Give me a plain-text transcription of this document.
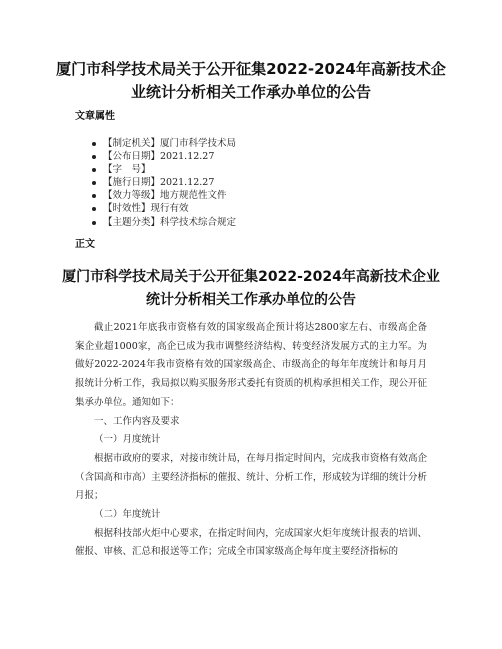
厦门市科学技术局关于公开征集2022-2024年高新技术企业统计分析相关工作承办单位的公告
文章属性
【制定机关】厦门市科学技术局
【公布日期】2021.12.27
【字　号】
【施行日期】2021.12.27
【效力等级】地方规范性文件
【时效性】现行有效
【主题分类】科学技术综合规定
正文
厦门市科学技术局关于公开征集2022-2024年高新技术企业统计分析相关工作承办单位的公告

截止2021年底我市资格有效的国家级高企预计将达2800家左右、市级高企备案企业超1000家，高企已成为我市调整经济结构、转变经济发展方式的主力军。为做好2022-2024年我市资格有效的国家级高企、市级高企的每年年度统计和每月月报统计分析工作，我局拟以购买服务形式委托有资质的机构承担相关工作，现公开征集承办单位。通知如下：

一、工作内容及要求

（一）月度统计

根据市政府的要求，对接市统计局，在每月指定时间内，完成我市资格有效高企（含国高和市高）主要经济指标的催报、统计、分析工作，形成较为详细的统计分析月报；

（二）年度统计

根据科技部火炬中心要求，在指定时间内，完成国家火炬年度统计报表的培训、催报、审核、汇总和报送等工作；完成全市国家级高企每年度主要经济指标的
